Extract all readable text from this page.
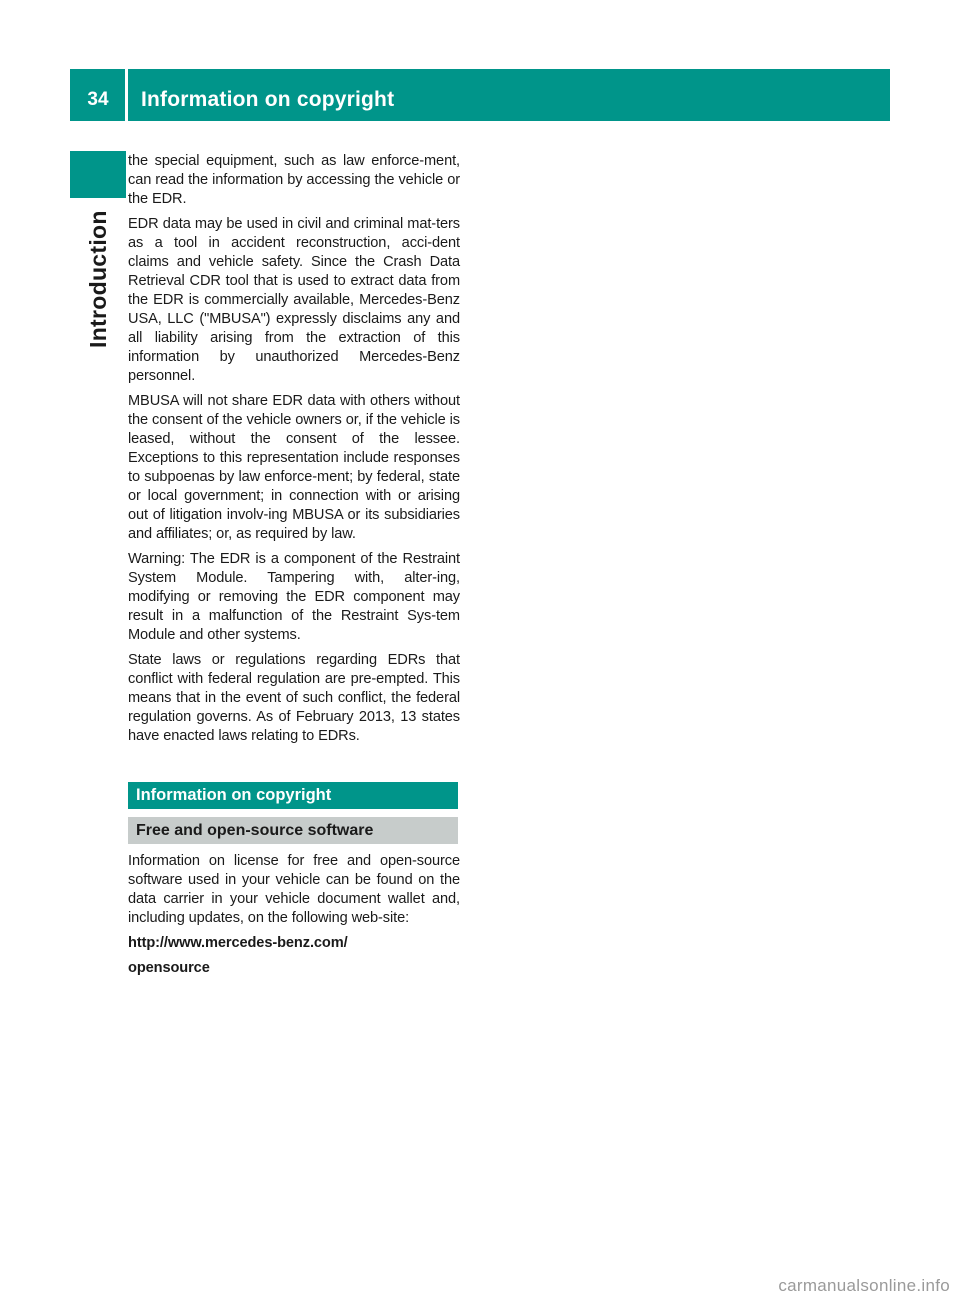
34	Information on copyright
Introduction

the special equipment, such as law enforce-​ment, can read the information by accessing the vehicle or the EDR.

EDR data may be used in civil and criminal mat-​ters as a tool in accident reconstruction, acci-​dent claims and vehicle safety. Since the Crash Data Retrieval CDR tool that is used to extract data from the EDR is commercially available, Mercedes-Benz USA, LLC ("MBUSA") expressly disclaims any and all liability arising from the extraction of this information by unauthorized Mercedes-Benz personnel.

MBUSA will not share EDR data with others without the consent of the vehicle owners or, if the vehicle is leased, without the consent of the lessee. Exceptions to this representation include responses to subpoenas by law enforce-​ment; by federal, state or local government; in connection with or arising out of litigation involv-​ing MBUSA or its subsidiaries and affiliates; or, as required by law.

Warning: The EDR is a component of the Restraint System Module. Tampering with, alter-​ing, modifying or removing the EDR component may result in a malfunction of the Restraint Sys-​tem Module and other systems.

State laws or regulations regarding EDRs that conflict with federal regulation are pre-empted. This means that in the event of such conflict, the federal regulation governs. As of February 2013, 13 states have enacted laws relating to EDRs.

Information on copyright
Free and open-source software

Information on license for free and open-source software used in your vehicle can be found on the data carrier in your vehicle document wallet and, including updates, on the following web-​site:

http://www.mercedes-benz.com/

opensource

carmanualsonline.info
